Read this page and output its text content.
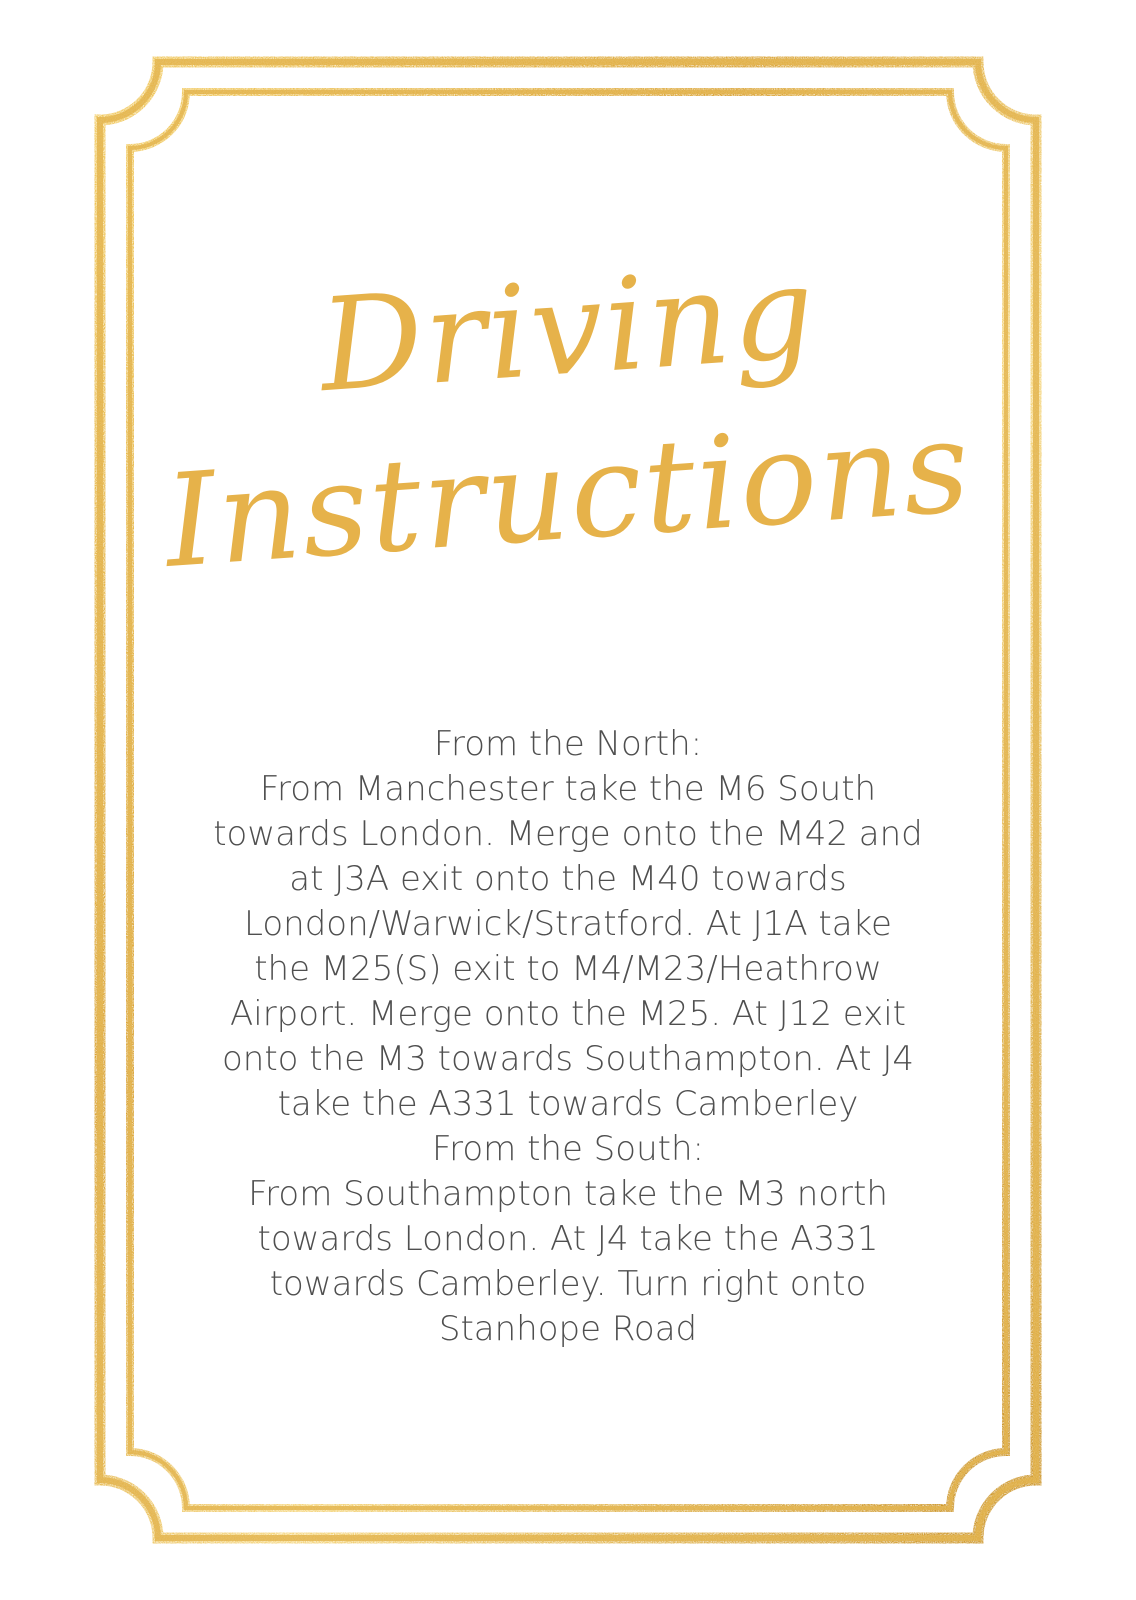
Driving
Instructions
From the North:
From Manchester take the M6 South
towards London. Merge onto the M42 and
at J3A exit onto the M40 towards
London/Warwick/Stratford. At J1A take
the M25(S) exit to M4/M23/Heathrow
Airport. Merge onto the M25. At J12 exit
onto the M3 towards Southampton. At J4
take the A331 towards Camberley
From the South:
From Southampton take the M3 north
towards London. At J4 take the A331
towards Camberley. Turn right onto
Stanhope Road
